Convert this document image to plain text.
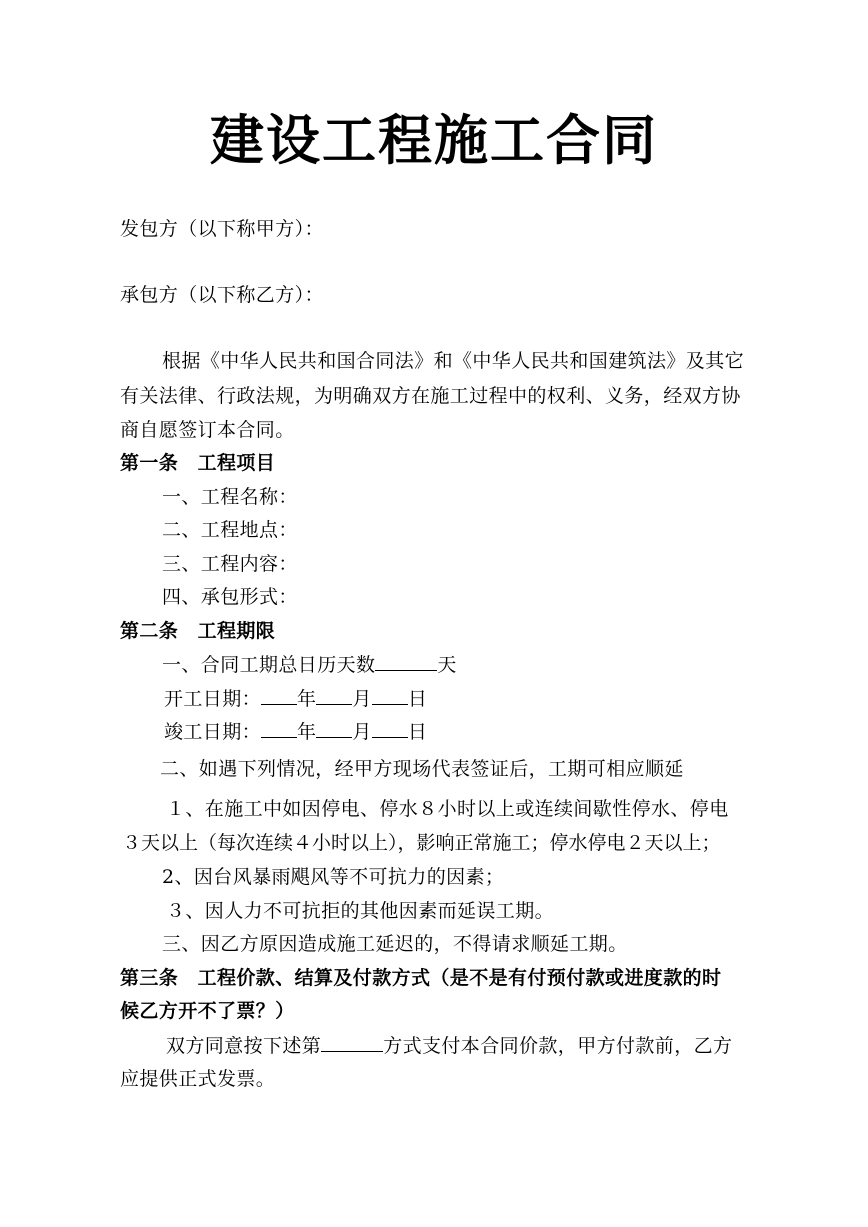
建设工程施工合同
发包方（以下称甲方）：
承包方（以下称乙方）：
根据《中华人民共和国合同法》和《中华人民共和国建筑法》及其它
有关法律、行政法规，为明确双方在施工过程中的权利、义务，经双方协
商自愿签订本合同。
第一条　工程项目
一、工程名称：
二、工程地点：
三、工程内容：
四、承包形式：
第二条　工程期限
一、合同工期总日历天数	天
开工日期： 年 月 日
竣工日期： 年 月 日
二、如遇下列情况，经甲方现场代表签证后，工期可相应顺延
１、在施工中如因停电、停水８小时以上或连续间歇性停水、停电
３天以上（每次连续４小时以上），影响正常施工；停水停电２天以上；
2、因台风暴雨飓风等不可抗力的因素；
３、因人力不可抗拒的其他因素而延误工期。
三、因乙方原因造成施工延迟的，不得请求顺延工期。
第三条　工程价款、结算及付款方式（是不是有付预付款或进度款的时
候乙方开不了票？）
双方同意按下述第	方式支付本合同价款，甲方付款前，乙方
应提供正式发票。
